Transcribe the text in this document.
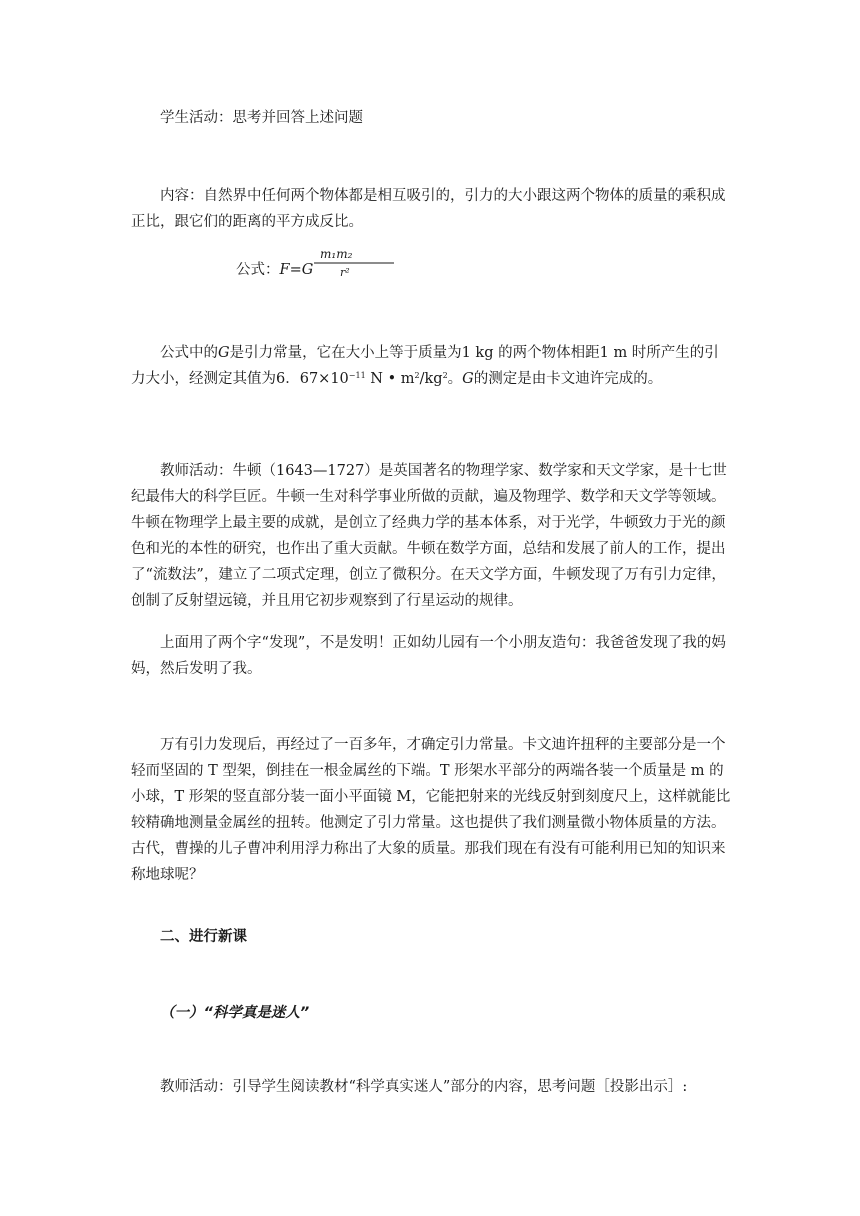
学生活动：思考并回答上述问题

内容：自然界中任何两个物体都是相互吸引的，引力的大小跟这两个物体的质量的乘积成正比，跟它们的距离的平方成反比。

公式：F=G
m₁m₂
r²

公式中的G是引力常量，它在大小上等于质量为1 kg 的两个物体相距1 m 时所产生的引力大小，经测定其值为6．$67\times 10^{-11}$ N • $m^2/kg^2$。G的测定是由卡文迪许完成的。

教师活动：牛顿（1643—1727）是英国著名的物理学家、数学家和天文学家，是十七世纪最伟大的科学巨匠。牛顿一生对科学事业所做的贡献，遍及物理学、数学和天文学等领域。牛顿在物理学上最主要的成就，是创立了经典力学的基本体系，对于光学，牛顿致力于光的颜色和光的本性的研究，也作出了重大贡献。牛顿在数学方面，总结和发展了前人的工作，提出了“流数法”，建立了二项式定理，创立了微积分。在天文学方面，牛顿发现了万有引力定律，创制了反射望远镜，并且用它初步观察到了行星运动的规律。

上面用了两个字“发现”，不是发明！正如幼儿园有一个小朋友造句：我爸爸发现了我的妈妈，然后发明了我。

万有引力发现后，再经过了一百多年，才确定引力常量。卡文迪许扭秤的主要部分是一个轻而坚固的 T 型架，倒挂在一根金属丝的下端。T 形架水平部分的两端各装一个质量是 m 的小球，T 形架的竖直部分装一面小平面镜 M，它能把射来的光线反射到刻度尺上，这样就能比较精确地测量金属丝的扭转。他测定了引力常量。这也提供了我们测量微小物体质量的方法。古代，曹操的儿子曹冲利用浮力称出了大象的质量。那我们现在有没有可能利用已知的知识来称地球呢？

二、进行新课

（一）“科学真是迷人”

教师活动：引导学生阅读教材“科学真实迷人”部分的内容，思考问题［投影出示］:
